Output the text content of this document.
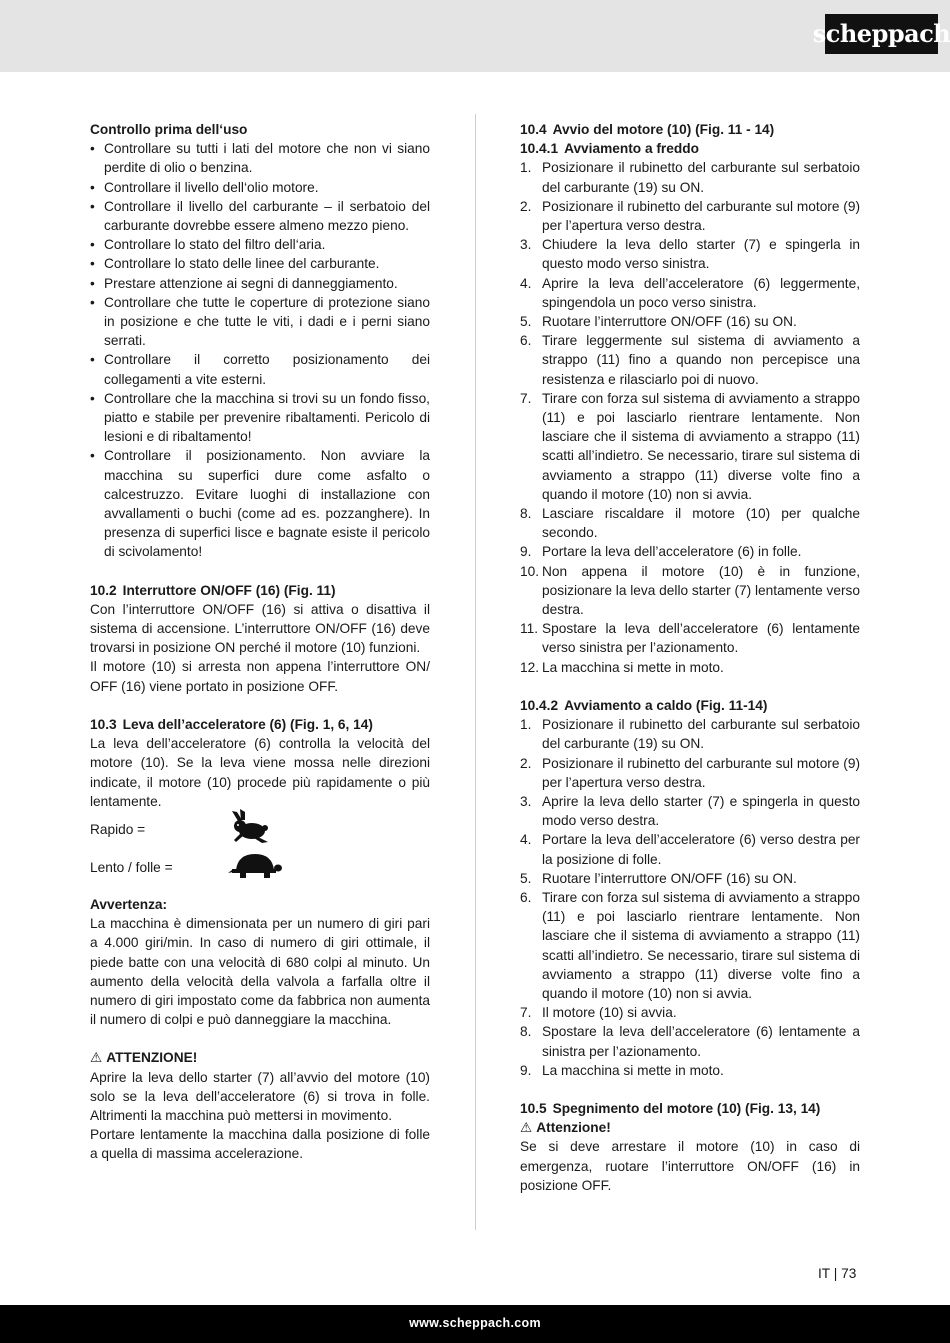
scheppach

Controllo prima dell‘uso

• Controllare su tutti i lati del motore che non vi siano perdite di olio o benzina.
• Controllare il livello dell‘olio motore.
• Controllare il livello del carburante – il serbatoio del carburante dovrebbe essere almeno mezzo pieno.
• Controllare lo stato del filtro dell‘aria.
• Controllare lo stato delle linee del carburante.
• Prestare attenzione ai segni di danneggiamento.
• Controllare che tutte le coperture di protezione siano in posizione e che tutte le viti, i dadi e i perni siano serrati.
• Controllare il corretto posizionamento dei collegamenti a vite esterni.
• Controllare che la macchina si trovi su un fondo fisso, piatto e stabile per prevenire ribaltamenti. Pericolo di lesioni e di ribaltamento!
• Controllare il posizionamento. Non avviare la macchina su superfici dure come asfalto o calcestruzzo. Evitare luoghi di installazione con avvallamenti o buchi (come ad es. pozzanghere). In presenza di superfici lisce e bagnate esiste il pericolo di scivolamento!

10.2 Interruttore ON/OFF (16) (Fig. 11)

Con l’interruttore ON/OFF (16) si attiva o disattiva il sistema di accensione. L’interruttore ON/OFF (16) deve trovarsi in posizione ON perché il motore (10) funzioni.

Il motore (10) si arresta non appena l’interruttore ON/ OFF (16) viene portato in posizione OFF.

10.3 Leva dell’acceleratore (6) (Fig. 1, 6, 14)

La leva dell’acceleratore (6) controlla la velocità del motore (10). Se la leva viene mossa nelle direzioni indicate, il motore (10) procede più rapidamente o più lentamente.

Rapido =
Lento / folle =

Avvertenza:

La macchina è dimensionata per un numero di giri pari a 4.000 giri/min. In caso di numero di giri ottimale, il piede batte con una velocità di 680 colpi al minuto. Un aumento della velocità della valvola a farfalla oltre il numero di giri impostato come da fabbrica non aumenta il numero di colpi e può danneggiare la macchina.

⚠ ATTENZIONE!

Aprire la leva dello starter (7) all’avvio del motore (10) solo se la leva dell’acceleratore (6) si trova in folle. Altrimenti la macchina può mettersi in movimento.

Portare lentamente la macchina dalla posizione di folle a quella di massima accelerazione.

10.4 Avvio del motore (10) (Fig. 11 - 14)

10.4.1 Avviamento a freddo

1. Posizionare il rubinetto del carburante sul serbatoio del carburante (19) su ON.
2. Posizionare il rubinetto del carburante sul motore (9) per l’apertura verso destra.
3. Chiudere la leva dello starter (7) e spingerla in questo modo verso sinistra.
4. Aprire la leva dell’acceleratore (6) leggermente, spingendola un poco verso sinistra.
5. Ruotare l’interruttore ON/OFF (16) su ON.
6. Tirare leggermente sul sistema di avviamento a strappo (11) fino a quando non percepisce una resistenza e rilasciarlo poi di nuovo.
7. Tirare con forza sul sistema di avviamento a strappo (11) e poi lasciarlo rientrare lentamente. Non lasciare che il sistema di avviamento a strappo (11) scatti all’indietro. Se necessario, tirare sul sistema di avviamento a strappo (11) diverse volte fino a quando il motore (10) non si avvia.
8. Lasciare riscaldare il motore (10) per qualche secondo.
9. Portare la leva dell’acceleratore (6) in folle.
10. Non appena il motore (10) è in funzione, posizionare la leva dello starter (7) lentamente verso destra.
11. Spostare la leva dell’acceleratore (6) lentamente verso sinistra per l’azionamento.
12. La macchina si mette in moto.

10.4.2 Avviamento a caldo (Fig. 11-14)

1. Posizionare il rubinetto del carburante sul serbatoio del carburante (19) su ON.
2. Posizionare il rubinetto del carburante sul motore (9) per l’apertura verso destra.
3. Aprire la leva dello starter (7) e spingerla in questo modo verso destra.
4. Portare la leva dell’acceleratore (6) verso destra per la posizione di folle.
5. Ruotare l’interruttore ON/OFF (16) su ON.
6. Tirare con forza sul sistema di avviamento a strappo (11) e poi lasciarlo rientrare lentamente. Non lasciare che il sistema di avviamento a strappo (11) scatti all’indietro. Se necessario, tirare sul sistema di avviamento a strappo (11) diverse volte fino a quando il motore (10) non si avvia.
7. Il motore (10) si avvia.
8. Spostare la leva dell’acceleratore (6) lentamente a sinistra per l’azionamento.
9. La macchina si mette in moto.

10.5 Spegnimento del motore (10) (Fig. 13, 14)

⚠ Attenzione!

Se si deve arrestare il motore (10) in caso di emergenza, ruotare l’interruttore ON/OFF (16) in posizione OFF.

IT | 73
www.scheppach.com
